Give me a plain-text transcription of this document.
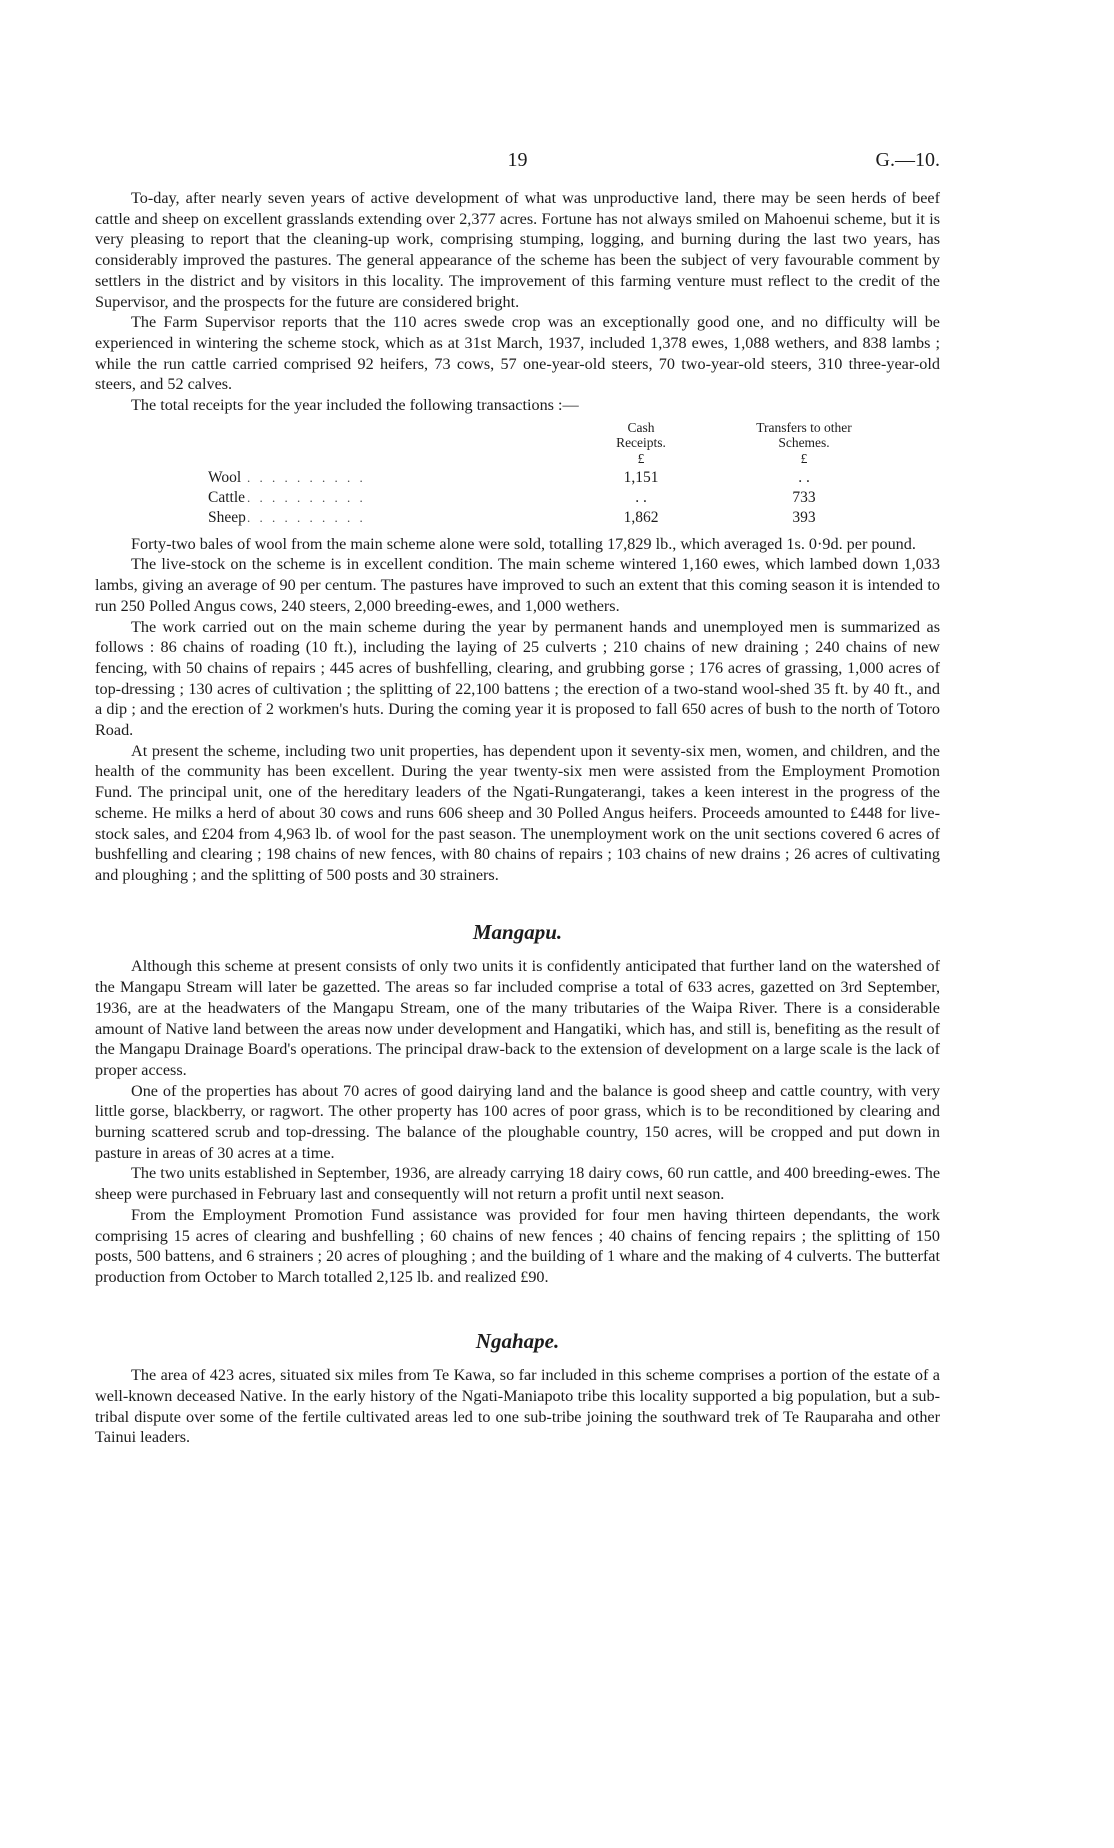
19	G.—10.

To-day, after nearly seven years of active development of what was unproductive land, there may be seen herds of beef cattle and sheep on excellent grasslands extending over 2,377 acres. Fortune has not always smiled on Mahoenui scheme, but it is very pleasing to report that the cleaning-up work, comprising stumping, logging, and burning during the last two years, has considerably improved the pastures. The general appearance of the scheme has been the subject of very favourable comment by settlers in the district and by visitors in this locality. The improvement of this farming venture must reflect to the credit of the Supervisor, and the prospects for the future are considered bright.

The Farm Supervisor reports that the 110 acres swede crop was an exceptionally good one, and no difficulty will be experienced in wintering the scheme stock, which as at 31st March, 1937, included 1,378 ewes, 1,088 wethers, and 838 lambs ; while the run cattle carried comprised 92 heifers, 73 cows, 57 one-year-old steers, 70 two-year-old steers, 310 three-year-old steers, and 52 calves.

The total receipts for the year included the following transactions :—

Cash Receipts.
£
Transfers to other Schemes.
£
Wool . . . . . . . . . .	1,151	. .
Cattle . . . . . . . . . .	. .	733
Sheep . . . . . . . . . .	1,862	393

Forty-two bales of wool from the main scheme alone were sold, totalling 17,829 lb., which averaged 1s. 0·9d. per pound.

The live-stock on the scheme is in excellent condition. The main scheme wintered 1,160 ewes, which lambed down 1,033 lambs, giving an average of 90 per centum. The pastures have improved to such an extent that this coming season it is intended to run 250 Polled Angus cows, 240 steers, 2,000 breeding-ewes, and 1,000 wethers.

The work carried out on the main scheme during the year by permanent hands and unemployed men is summarized as follows : 86 chains of roading (10 ft.), including the laying of 25 culverts ; 210 chains of new draining ; 240 chains of new fencing, with 50 chains of repairs ; 445 acres of bushfelling, clearing, and grubbing gorse ; 176 acres of grassing, 1,000 acres of top-dressing ; 130 acres of cultivation ; the splitting of 22,100 battens ; the erection of a two-stand wool-shed 35 ft. by 40 ft., and a dip ; and the erection of 2 workmen's huts. During the coming year it is proposed to fall 650 acres of bush to the north of Totoro Road.

At present the scheme, including two unit properties, has dependent upon it seventy-six men, women, and children, and the health of the community has been excellent. During the year twenty-six men were assisted from the Employment Promotion Fund. The principal unit, one of the hereditary leaders of the Ngati-Rungaterangi, takes a keen interest in the progress of the scheme. He milks a herd of about 30 cows and runs 606 sheep and 30 Polled Angus heifers. Proceeds amounted to £448 for live-stock sales, and £204 from 4,963 lb. of wool for the past season. The unemployment work on the unit sections covered 6 acres of bushfelling and clearing ; 198 chains of new fences, with 80 chains of repairs ; 103 chains of new drains ; 26 acres of cultivating and ploughing ; and the splitting of 500 posts and 30 strainers.

Mangapu.

Although this scheme at present consists of only two units it is confidently anticipated that further land on the watershed of the Mangapu Stream will later be gazetted. The areas so far included comprise a total of 633 acres, gazetted on 3rd September, 1936, are at the headwaters of the Mangapu Stream, one of the many tributaries of the Waipa River. There is a considerable amount of Native land between the areas now under development and Hangatiki, which has, and still is, benefiting as the result of the Mangapu Drainage Board's operations. The principal draw-back to the extension of development on a large scale is the lack of proper access.

One of the properties has about 70 acres of good dairying land and the balance is good sheep and cattle country, with very little gorse, blackberry, or ragwort. The other property has 100 acres of poor grass, which is to be reconditioned by clearing and burning scattered scrub and top-dressing. The balance of the ploughable country, 150 acres, will be cropped and put down in pasture in areas of 30 acres at a time.

The two units established in September, 1936, are already carrying 18 dairy cows, 60 run cattle, and 400 breeding-ewes. The sheep were purchased in February last and consequently will not return a profit until next season.

From the Employment Promotion Fund assistance was provided for four men having thirteen dependants, the work comprising 15 acres of clearing and bushfelling ; 60 chains of new fences ; 40 chains of fencing repairs ; the splitting of 150 posts, 500 battens, and 6 strainers ; 20 acres of ploughing ; and the building of 1 whare and the making of 4 culverts. The butterfat production from October to March totalled 2,125 lb. and realized £90.

Ngahape.

The area of 423 acres, situated six miles from Te Kawa, so far included in this scheme comprises a portion of the estate of a well-known deceased Native. In the early history of the Ngati-Maniapoto tribe this locality supported a big population, but a sub-tribal dispute over some of the fertile cultivated areas led to one sub-tribe joining the southward trek of Te Rauparaha and other Tainui leaders.
